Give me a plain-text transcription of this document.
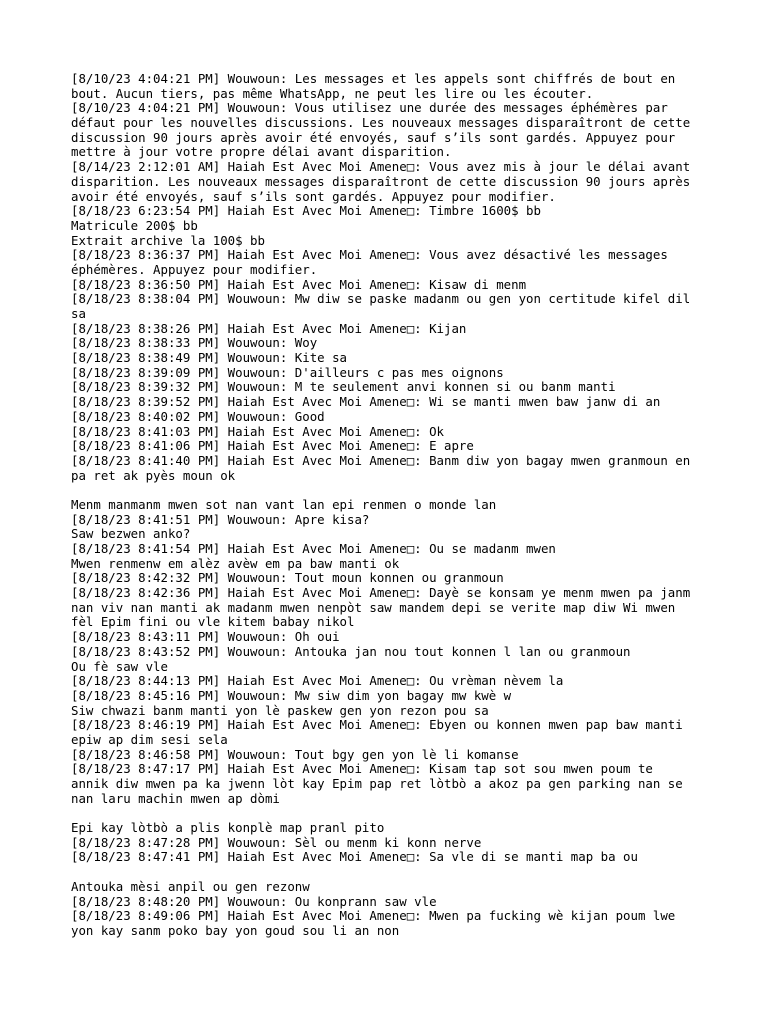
[8/10/23 4:04:21 PM] Wouwoun: Les messages et les appels sont chiffrés de bout en
bout. Aucun tiers, pas même WhatsApp, ne peut les lire ou les écouter.
[8/10/23 4:04:21 PM] Wouwoun: Vous utilisez une durée des messages éphémères par
défaut pour les nouvelles discussions. Les nouveaux messages disparaîtront de cette
discussion 90 jours après avoir été envoyés, sauf s’ils sont gardés. Appuyez pour
mettre à jour votre propre délai avant disparition.
[8/14/23 2:12:01 AM] Haiah Est Avec Moi Amene□: Vous avez mis à jour le délai avant
disparition. Les nouveaux messages disparaîtront de cette discussion 90 jours après
avoir été envoyés, sauf s’ils sont gardés. Appuyez pour modifier.
[8/18/23 6:23:54 PM] Haiah Est Avec Moi Amene□: Timbre 1600$ bb
Matricule 200$ bb
Extrait archive la 100$ bb
[8/18/23 8:36:37 PM] Haiah Est Avec Moi Amene□: Vous avez désactivé les messages
éphémères. Appuyez pour modifier.
[8/18/23 8:36:50 PM] Haiah Est Avec Moi Amene□: Kisaw di menm
[8/18/23 8:38:04 PM] Wouwoun: Mw diw se paske madanm ou gen yon certitude kifel dil
sa
[8/18/23 8:38:26 PM] Haiah Est Avec Moi Amene□: Kijan
[8/18/23 8:38:33 PM] Wouwoun: Woy
[8/18/23 8:38:49 PM] Wouwoun: Kite sa
[8/18/23 8:39:09 PM] Wouwoun: D'ailleurs c pas mes oignons
[8/18/23 8:39:32 PM] Wouwoun: M te seulement anvi konnen si ou banm manti
[8/18/23 8:39:52 PM] Haiah Est Avec Moi Amene□: Wi se manti mwen baw janw di an
[8/18/23 8:40:02 PM] Wouwoun: Good
[8/18/23 8:41:03 PM] Haiah Est Avec Moi Amene□: Ok
[8/18/23 8:41:06 PM] Haiah Est Avec Moi Amene□: E apre
[8/18/23 8:41:40 PM] Haiah Est Avec Moi Amene□: Banm diw yon bagay mwen granmoun en
pa ret ak pyès moun ok
Menm manmanm mwen sot nan vant lan epi renmen o monde lan
[8/18/23 8:41:51 PM] Wouwoun: Apre kisa?
Saw bezwen anko?
[8/18/23 8:41:54 PM] Haiah Est Avec Moi Amene□: Ou se madanm mwen
Mwen renmenw em alèz avèw em pa baw manti ok
[8/18/23 8:42:32 PM] Wouwoun: Tout moun konnen ou granmoun
[8/18/23 8:42:36 PM] Haiah Est Avec Moi Amene□: Dayè se konsam ye menm mwen pa janm
nan viv nan manti ak madanm mwen nenpòt saw mandem depi se verite map diw Wi mwen
fèl Epim fini ou vle kitem babay nikol
[8/18/23 8:43:11 PM] Wouwoun: Oh oui
[8/18/23 8:43:52 PM] Wouwoun: Antouka jan nou tout konnen l lan ou granmoun
Ou fè saw vle
[8/18/23 8:44:13 PM] Haiah Est Avec Moi Amene□: Ou vrèman nèvem la
[8/18/23 8:45:16 PM] Wouwoun: Mw siw dim yon bagay mw kwè w
Siw chwazi banm manti yon lè paskew gen yon rezon pou sa
[8/18/23 8:46:19 PM] Haiah Est Avec Moi Amene□: Ebyen ou konnen mwen pap baw manti
epiw ap dim sesi sela
[8/18/23 8:46:58 PM] Wouwoun: Tout bgy gen yon lè li komanse
[8/18/23 8:47:17 PM] Haiah Est Avec Moi Amene□: Kisam tap sot sou mwen poum te
annik diw mwen pa ka jwenn lòt kay Epim pap ret lòtbò a akoz pa gen parking nan se
nan laru machin mwen ap dòmi
Epi kay lòtbò a plis konplè map pranl pito
[8/18/23 8:47:28 PM] Wouwoun: Sèl ou menm ki konn nerve
[8/18/23 8:47:41 PM] Haiah Est Avec Moi Amene□: Sa vle di se manti map ba ou
Antouka mèsi anpil ou gen rezonw
[8/18/23 8:48:20 PM] Wouwoun: Ou konprann saw vle
[8/18/23 8:49:06 PM] Haiah Est Avec Moi Amene□: Mwen pa fucking wè kijan poum lwe
yon kay sanm poko bay yon goud sou li an non
